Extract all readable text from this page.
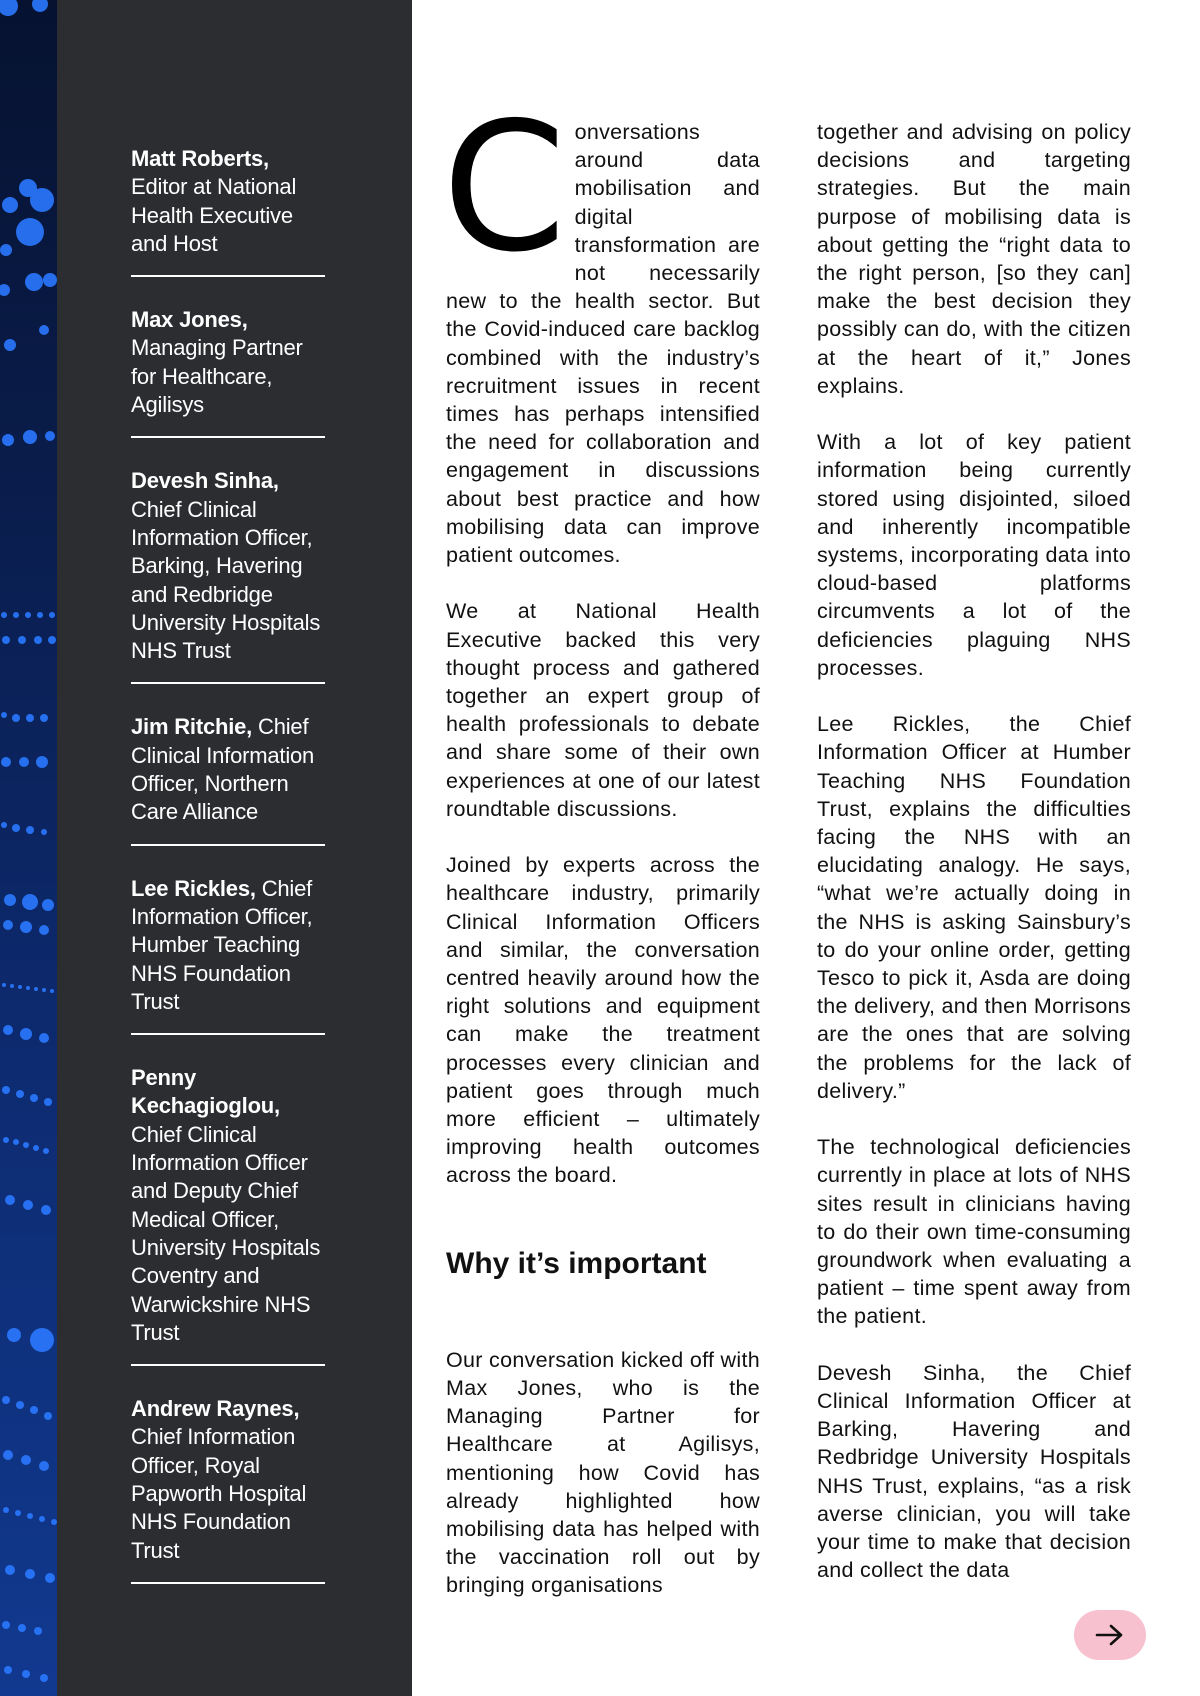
Matt Roberts, Editor at National Health Executive and Host
Max Jones, Managing Partner for Healthcare, Agilisys
Devesh Sinha, Chief Clinical Information Officer, Barking, Havering and Redbridge University Hospitals NHS Trust
Jim Ritchie, Chief Clinical Information Officer, Northern Care Alliance
Lee Rickles, Chief Information Officer, Humber Teaching NHS Foundation Trust
Penny Kechagioglou, Chief Clinical Information Officer and Deputy Chief Medical Officer, University Hospitals Coventry and Warwickshire NHS Trust
Andrew Raynes, Chief Information Officer, Royal Papworth Hospital NHS Foundation Trust

Conversations around data mobilisation and digital transformation are not necessarily new to the health sector. But the Covid-induced care backlog combined with the industry’s recruitment issues in recent times has perhaps intensified the need for collaboration and engagement in discussions about best practice and how mobilising data can improve patient outcomes.

We at National Health Executive backed this very thought process and gathered together an expert group of health professionals to debate and share some of their own experiences at one of our latest roundtable discussions.

Joined by experts across the healthcare industry, primarily Clinical Information Officers and similar, the conversation centred heavily around how the right solutions and equipment can make the treatment processes every clinician and patient goes through much more efficient – ultimately improving health outcomes across the board.

Why it’s important

Our conversation kicked off with Max Jones, who is the Managing Partner for Healthcare at Agilisys, mentioning how Covid has already highlighted how mobilising data has helped with the vaccination roll out by bringing organisations

together and advising on policy decisions and targeting strategies. But the main purpose of mobilising data is about getting the “right data to the right person, [so they can] make the best decision they possibly can do, with the citizen at the heart of it,” Jones explains.

With a lot of key patient information being currently stored using disjointed, siloed and inherently incompatible systems, incorporating data into cloud-based platforms circumvents a lot of the deficiencies plaguing NHS processes.

Lee Rickles, the Chief Information Officer at Humber Teaching NHS Foundation Trust, explains the difficulties facing the NHS with an elucidating analogy. He says, “what we’re actually doing in the NHS is asking Sainsbury’s to do your online order, getting Tesco to pick it, Asda are doing the delivery, and then Morrisons are the ones that are solving the problems for the lack of delivery.”

The technological deficiencies currently in place at lots of NHS sites result in clinicians having to do their own time-consuming groundwork when evaluating a patient – time spent away from the patient.

Devesh Sinha, the Chief Clinical Information Officer at Barking, Havering and Redbridge University Hospitals NHS Trust, explains, “as a risk averse clinician, you will take your time to make that decision and collect the data
